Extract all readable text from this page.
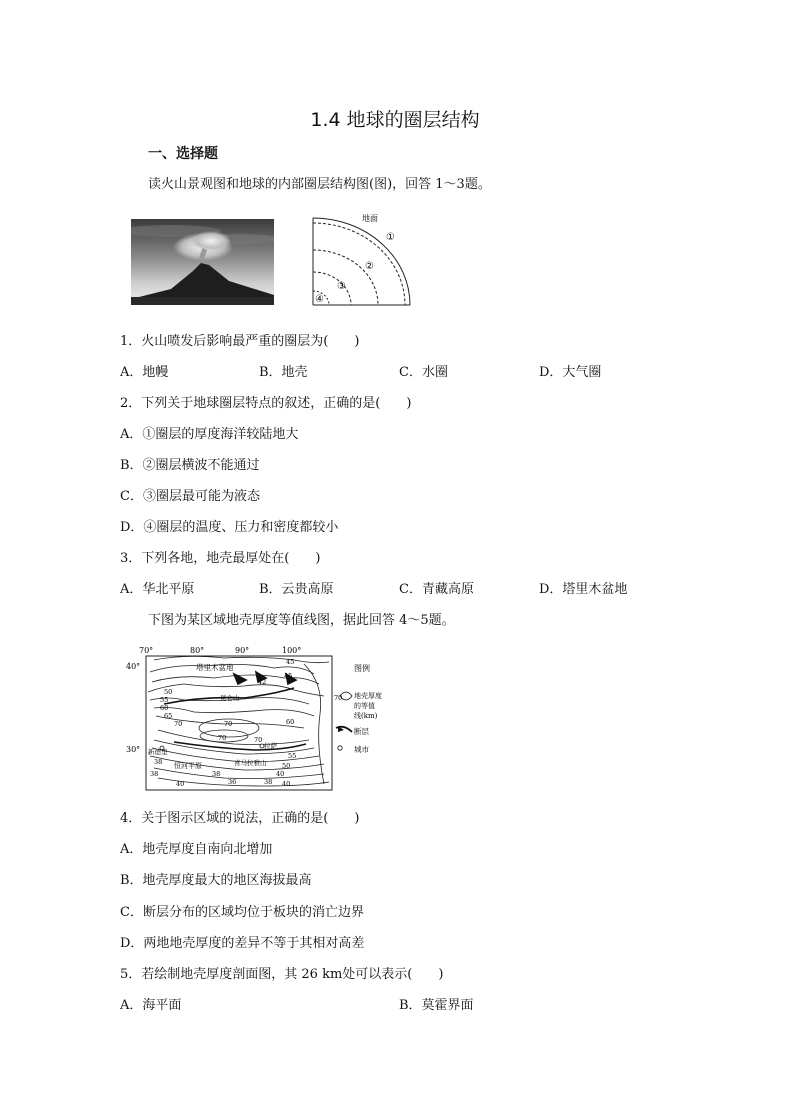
1.4 地球的圈层结构
一、选择题
读火山景观图和地球的内部圈层结构图(图)，回答 1～3题。
地面
①
②
③
④
1．火山喷发后影响最严重的圈层为(　　)
A．地幔	B．地壳	C．水圈	D．大气圈
2．下列关于地球圈层特点的叙述，正确的是(　　)
A．①圈层的厚度海洋较陆地大
B．②圈层横波不能通过
C．③圈层最可能为液态
D．④圈层的温度、压力和密度都较小
3．下列各地，地壳最厚处在(　　)
A．华北平原	B．云贵高原	C．青藏高原	D．塔里木盆地
下图为某区域地壳厚度等值线图，据此回答 4～5题。
70°	80°	90°	100°
40°
30°
塔里木盆地
昆仑山
喜马拉雅山
拉萨
新德里
恒河平原
45
42
45
50
55
60
65
70	70
70	70
60
55
50
40
38
38
36
38
40	38 40
图例
70 地壳厚度
的等值
线(km)
断层
城市
4．关于图示区域的说法，正确的是(　　)
A．地壳厚度自南向北增加
B．地壳厚度最大的地区海拔最高
C．断层分布的区域均位于板块的消亡边界
D．两地地壳厚度的差异不等于其相对高差
5．若绘制地壳厚度剖面图，其 26 km处可以表示(　　)
A．海平面	B．莫霍界面
